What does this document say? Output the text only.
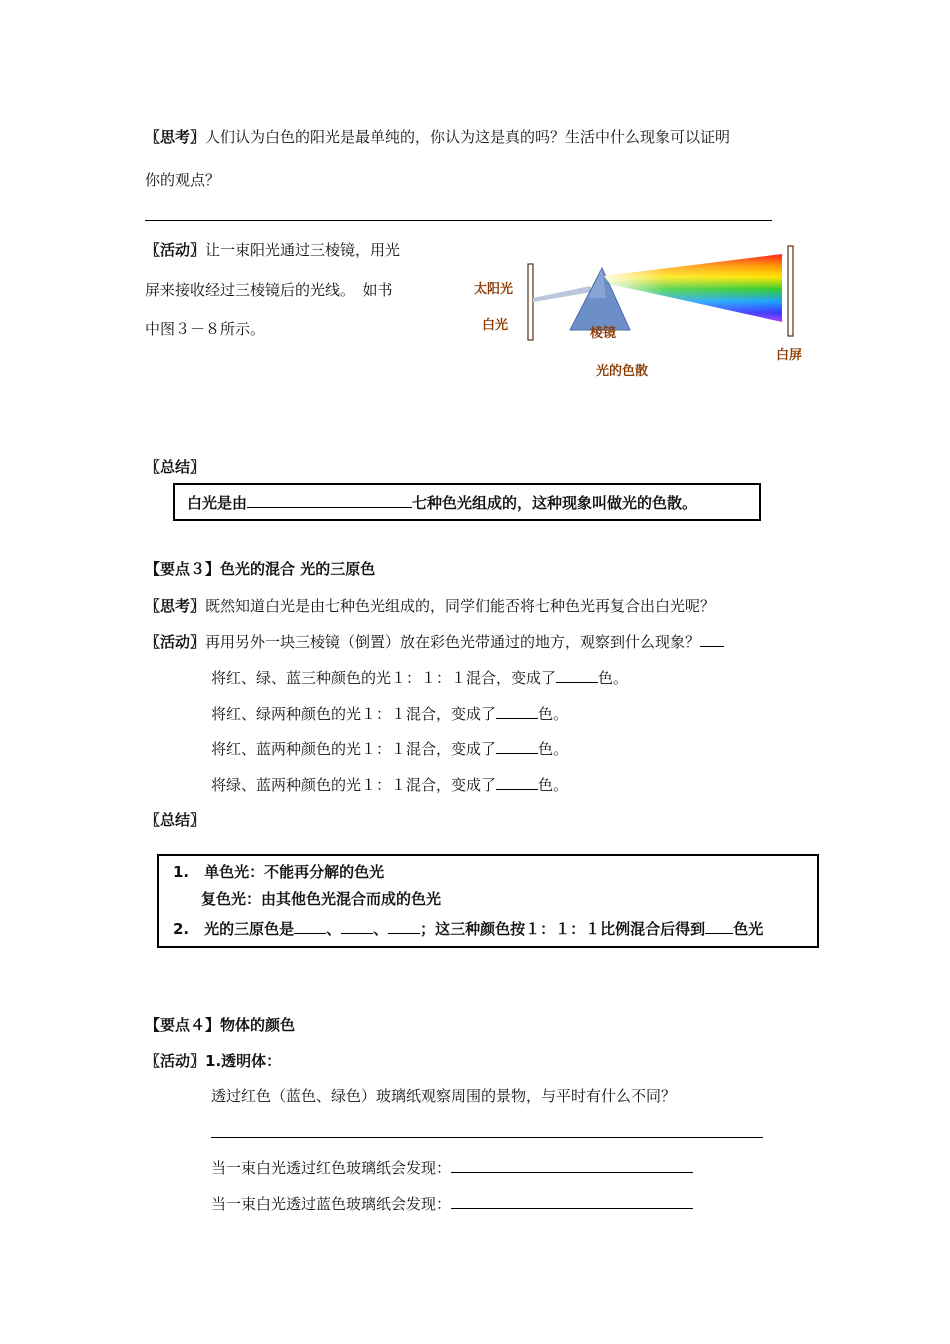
〖思考〗人们认为白色的阳光是最单纯的，你认为这是真的吗？生活中什么现象可以证明
你的观点？
〖活动〗让一束阳光通过三棱镜，用光
屏来接收经过三棱镜后的光线。　如书
中图３－８所示。
太阳光
白光
棱镜
白屏
光的色散
〖总结〗
白光是由	七种色光组成的，这种现象叫做光的色散。
【要点３】色光的混合 光的三原色
〖思考〗既然知道白光是由七种色光组成的，同学们能否将七种色光再复合出白光呢？
〖活动〗再用另外一块三棱镜（倒置）放在彩色光带通过的地方，观察到什么现象？
将红、绿、蓝三种颜色的光１：１：１混合，变成了	色。
将红、绿两种颜色的光１：１混合，变成了	色。
将红、蓝两种颜色的光１：１混合，变成了	色。
将绿、蓝两种颜色的光１：１混合，变成了	色。
〖总结〗
1.　单色光：不能再分解的色光
复色光：由其他色光混合而成的色光
2.　光的三原色是 、 、 ；这三种颜色按１：１：１比例混合后得到 色光
【要点４】物体的颜色
〖活动〗1.透明体：
透过红色（蓝色、绿色）玻璃纸观察周围的景物，与平时有什么不同？
当一束白光透过红色玻璃纸会发现：
当一束白光透过蓝色玻璃纸会发现：
